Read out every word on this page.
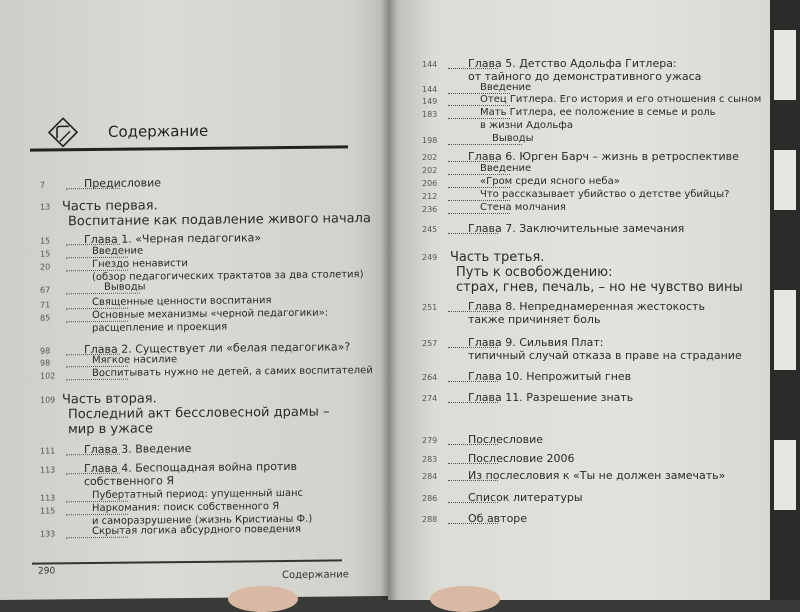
Содержание
7	Предисловие
13 Часть первая.
Воспитание как подавление живого начала
15	Глава 1. «Черная педагогика»
15	Введение
20	Гнездо ненависти
(обзор педагогических трактатов за два столетия)
67	Выводы
71	Священные ценности воспитания
85	Основные механизмы «черной педагогики»:
расщепление и проекция
98	Глава 2. Существует ли «белая педагогика»?
98	Мягкое насилие
102	Воспитывать нужно не детей, а самих воспитателей
109 Часть вторая.
Последний акт бессловесной драмы –
мир в ужасе
111	Глава 3. Введение
113	Глава 4. Беспощадная война против
собственного Я
113	Пубертатный период: упущенный шанс
115	Наркомания: поиск собственного Я
и саморазрушение (жизнь Кристианы Ф.)
133	Скрытая логика абсурдного поведения
290	Содержание
144	Глава 5. Детство Адольфа Гитлера:
от тайного до демонстративного ужаса
144	Введение
149	Отец Гитлера. Его история и его отношения с сыном
183	Мать Гитлера, ее положение в семье и роль
в жизни Адольфа
198	Выводы
202	Глава 6. Юрген Барч – жизнь в ретроспективе
202	Введение
206	«Гром среди ясного неба»
212	Что рассказывает убийство о детстве убийцы?
236	Стена молчания
245	Глава 7. Заключительные замечания
249 Часть третья.
Путь к освобождению:
страх, гнев, печаль, – но не чувство вины
251	Глава 8. Непреднамеренная жестокость
также причиняет боль
257	Глава 9. Сильвия Плат:
типичный случай отказа в праве на страдание
264	Глава 10. Непрожитый гнев
274	Глава 11. Разрешение знать
279	Послесловие
283	Послесловие 2006
284	Из послесловия к «Ты не должен замечать»
286	Список литературы
288	Об авторе
